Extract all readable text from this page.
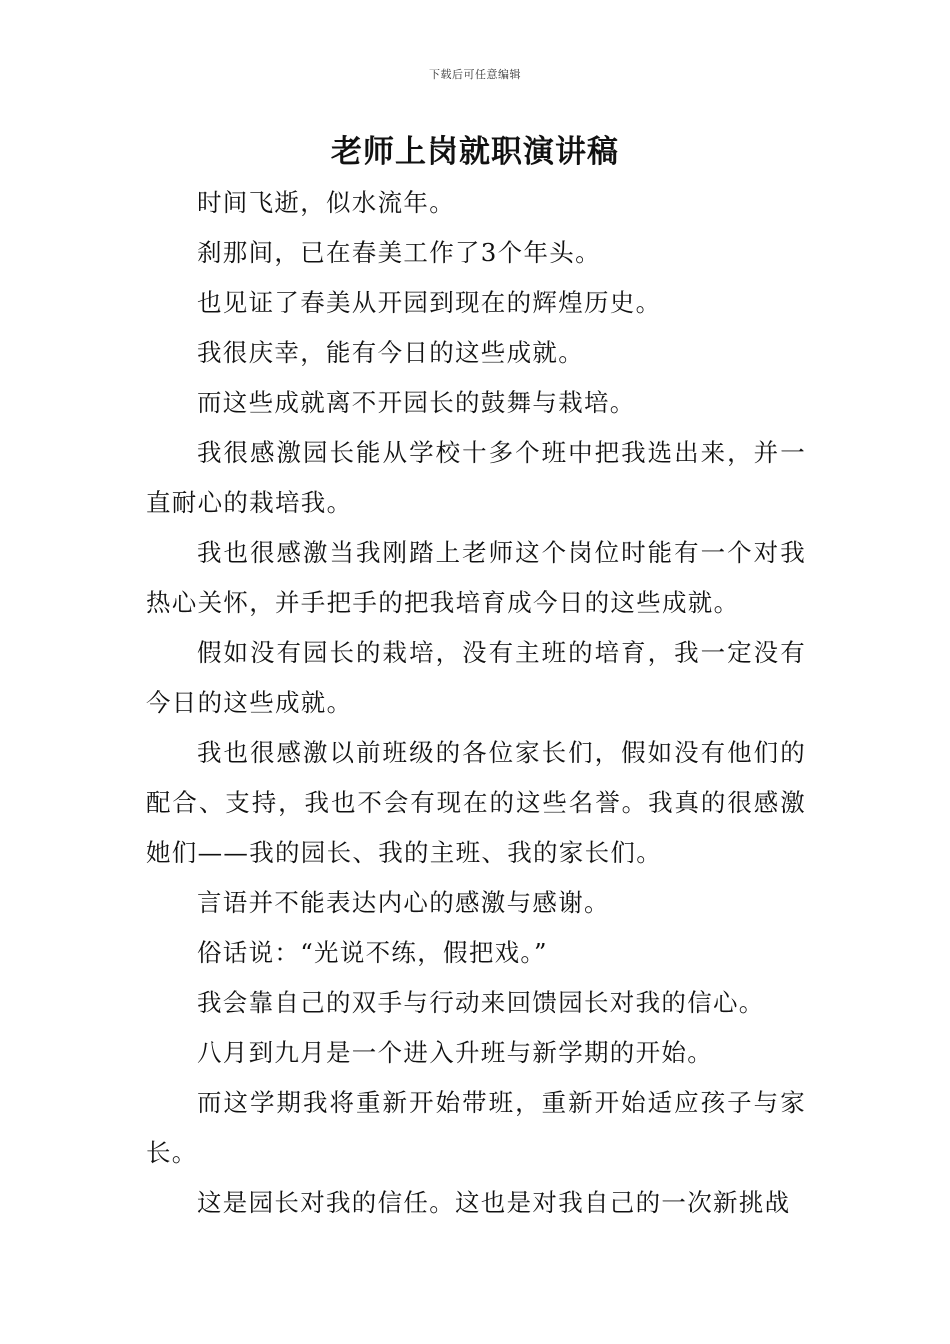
下载后可任意编辑
老师上岗就职演讲稿

时间飞逝，似水流年。

刹那间，已在春美工作了3个年头。

也见证了春美从开园到现在的辉煌历史。

我很庆幸，能有今日的这些成就。

而这些成就离不开园长的鼓舞与栽培。

我很感激园长能从学校十多个班中把我选出来，并一直耐心的栽培我。

我也很感激当我刚踏上老师这个岗位时能有一个对我热心关怀，并手把手的把我培育成今日的这些成就。

假如没有园长的栽培，没有主班的培育，我一定没有今日的这些成就。

我也很感激以前班级的各位家长们，假如没有他们的配合、支持，我也不会有现在的这些名誉。我真的很感激她们——我的园长、我的主班、我的家长们。

言语并不能表达内心的感激与感谢。

俗话说：“光说不练，假把戏。”

我会靠自己的双手与行动来回馈园长对我的信心。

八月到九月是一个进入升班与新学期的开始。

而这学期我将重新开始带班，重新开始适应孩子与家长。

这是园长对我的信任。这也是对我自己的一次新挑战
